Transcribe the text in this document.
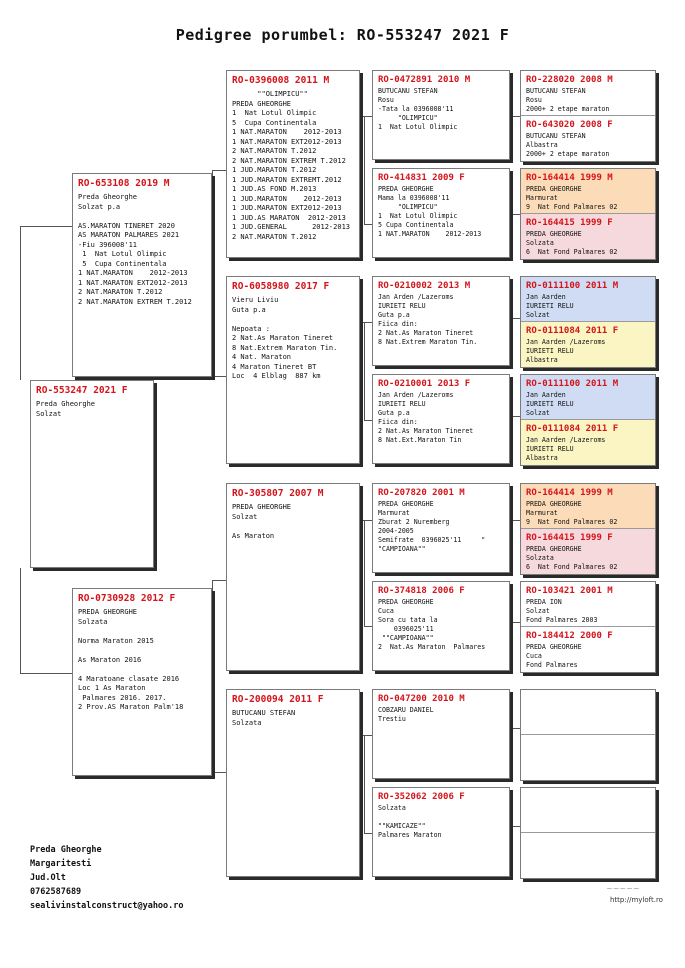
Pedigree porumbel: RO-553247 2021 F
RO-553247 2021 F
Preda Gheorghe
Solzat
RO-653108 2019 M
Preda Gheorghe
Solzat p.a

AS.MARATON TINERET 2020
AS MARATON PALMARES 2021
-Fiu 396008'11
1  Nat Lotul Olimpic
5  Cupa Continentala
1 NAT.MARATON    2012-2013
1 NAT.MARATON EXT2012-2013
2 NAT.MARATON T.2012
2 NAT.MARATON EXTREM T.2012
RO-0730928 2012 F
PREDA GHEORGHE
Solzata

Norma Maraton 2015

As Maraton 2016

4 Maratoane clasate 2016
Loc 1 As Maraton
Palmares 2016. 2017.
2 Prov.AS Maraton Palm'18
RO-0396008 2011 M
""OLIMPICU""
PREDA GHEORGHE
1  Nat Lotul Olimpic
5  Cupa Continentala
1 NAT.MARATON    2012-2013
1 NAT.MARATON EXT2012-2013
2 NAT.MARATON T.2012
2 NAT.MARATON EXTREM T.2012
1 JUD.MARATON T.2012
1 JUD.MARATON EXTREMT.2012
1 JUD.AS FOND M.2013
1 JUD.MARATON    2012-2013
1 JUD.MARATON EXT2012-2013
1 JUD.AS MARATON  2012-2013
1 JUD.GENERAL      2012-2013
2 NAT.MARATON T.2012
RO-6058980 2017 F
Vieru Liviu
Guta p.a

Nepoata :
2 Nat.As Maraton Tineret
8 Nat.Extrem Maraton Tin.
4 Nat. Maraton
4 Maraton Tineret BT
Loc  4 Elblag  887 km
RO-305807 2007 M
PREDA GHEORGHE
Solzat

As Maraton
RO-200094 2011 F
BUTUCANU STEFAN
Solzata
RO-0472891 2010 M
BUTUCANU STEFAN
Rosu
-Tata la 0396008'11
"OLIMPICU"
1  Nat Lotul Olimpic
RO-414831 2009 F
PREDA GHEORGHE
Mama la 0396008'11
"OLIMPICU"
1  Nat Lotul Olimpic
5 Cupa Continentala
1 NAT.MARATON    2012-2013
RO-0210002 2013 M
Jan Arden /Lazeroms
IURIETI RELU
Guta p.a
Fiica din:
2 Nat.As Maraton Tineret
8 Nat.Extrem Maraton Tin.
RO-0210001 2013 F
Jan Arden /Lazeroms
IURIETI RELU
Guta p.a
Fiica din:
2 Nat.As Maraton Tineret
8 Nat.Ext.Maraton Tin
RO-207820 2001 M
PREDA GHEORGHE
Marmurat
Zburat 2 Nuremberg
2004-2005
Semifrate  0396025'11     "
"CAMPIOANA""
RO-374818 2006 F
PREDA GHEORGHE
Cuca
Sora cu tata la
0396025'11
""CAMPIOANA""
2  Nat.As Maraton  Palmares
RO-047200 2010 M
COBZARU DANIEL
Trestiu
RO-352062 2006 F
Solzata

""KAMICAZE""
Palmares Maraton
RO-228020 2008 M
BUTUCANU STEFAN
Rosu
2000+ 2 etape maraton
RO-643020 2008 F
BUTUCANU STEFAN
Albastra
2000+ 2 etape maraton
RO-164414 1999 M
PREDA GHEORGHE
Marmurat
9  Nat Fond Palmares 02
RO-164415 1999 F
PREDA GHEORGHE
Solzata
6  Nat Fond Palmares 02
RO-0111100 2011 M
Jan Aarden
IURIETI RELU
Solzat
RO-0111084 2011 F
Jan Aarden /Lazeroms
IURIETI RELU
Albastra
RO-0111100 2011 M
Jan Aarden
IURIETI RELU
Solzat
RO-0111084 2011 F
Jan Aarden /Lazeroms
IURIETI RELU
Albastra
RO-164414 1999 M
PREDA GHEORGHE
Marmurat
9  Nat Fond Palmares 02
RO-164415 1999 F
PREDA GHEORGHE
Solzata
6  Nat Fond Palmares 02
RO-103421 2001 M
PREDA ION
Solzat
Fond Palmares 2003
RO-184412 2000 F
PREDA GHEORGHE
Cuca
Fond Palmares
Preda Gheorghe
Margaritesti
Jud.Olt
0762587689
sealivinstalconstruct@yahoo.ro
~~~~~
http://myloft.ro
